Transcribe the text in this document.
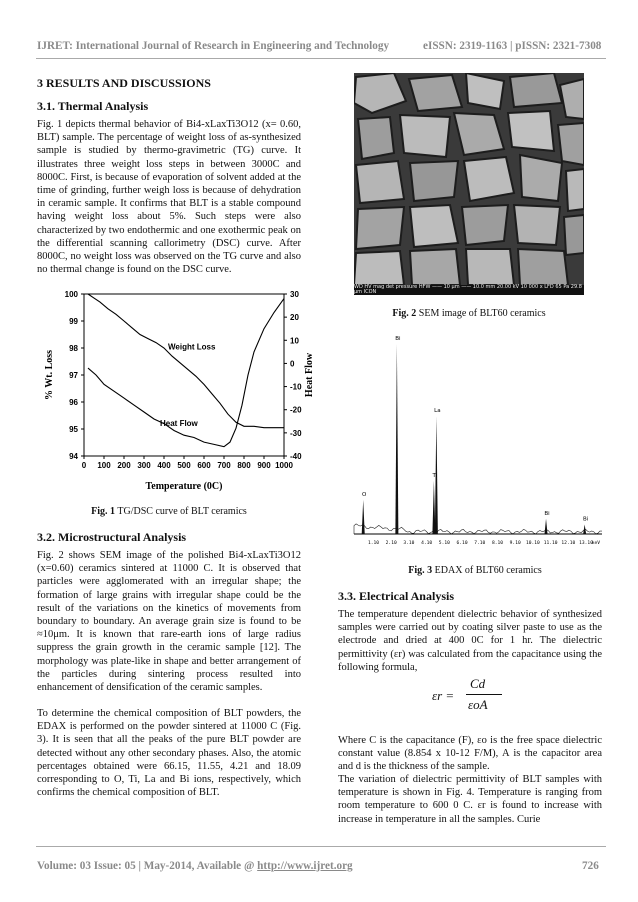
IJRET: International Journal of Research in Engineering and Technology	eISSN: 2319-1163 | pISSN: 2321-7308
3 RESULTS AND DISCUSSIONS
3.1. Thermal Analysis

Fig. 1 depicts thermal behavior of Bi4-xLaxTi3O12 (x= 0.60, BLT) sample. The percentage of weight loss of as-synthesized sample is studied by thermo-gravimetric (TG) curve. It illustrates three weight loss steps in between 3000C and 8000C. First, is because of evaporation of solvent added at the time of grinding, further weigh loss is because of dehydration in ceramic sample. It confirms that BLT is a stable compound having weight loss about 5%. Such steps were also characterized by two endothermic and one exothermic peak on the differential scanning callorimetry (DSC) curve. After 8000C, no weight loss was observed on the TG curve and also no thermal change is found on the DSC curve.

94
95
96
97
98
99
100
-40
-30
-20
-10
0
10
20
30
0 100 200 300 400 500 600 700 800 900 1000
Weight Loss
Heat Flow
% Wt. Loss	Heat Flow
Temperature (0C)
Fig. 1 TG/DSC curve of BLT ceramics
3.2. Microstructural Analysis

Fig. 2 shows SEM image of the polished Bi4-xLaxTi3O12 (x=0.60) ceramics sintered at 11000 C. It is observed that particles were agglomerated with an irregular shape; the formation of large grains with irregular shape could be the result of the variations on the kinetics of movements from boundary to boundary. An average grain size is found to be ≈10μm. It is known that rare-earth ions of large radius suppress the grain growth in the ceramic sample [12]. The morphology was plate-like in shape and better arrangement of the particles during sintering process resulted into enhancement of densification of the ceramic samples.

To determine the chemical composition of BLT powders, the EDAX is performed on the powder sintered at 11000 C (Fig. 3). It is seen that all the peaks of the pure BLT powder are detected without any other secondary phases. Also, the atomic percentages obtained were 66.15, 11.55, 4.21 and 18.09 corresponding to O, Ti, La and Bi ions, respectively, which confirms the chemical composition of BLT.

WD HV mag det pressure HFW —— 10 μm —— 10.0 mm 20.00 kV 10 000 x LFD 65 Pa 29.8 μm ICON
Fig. 2 SEM image of BLT60 ceramics
O
Bi
La
Ti
Bi
Bi
1.10 2.10 3.10 4.10 5.10 6.10 7.10 8.10 9.10 10.10 11.10 12.10 13.10
keV
Fig. 3 EDAX of BLT60 ceramics
3.3. Electrical Analysis

The temperature dependent dielectric behavior of synthesized samples were carried out by coating silver paste to use as the electrode and dried at 400 0C for 1 hr. The dielectric permittivity (εr) was calculated from the capacitance using the following formula,

εr =
Cd
εoA

Where C is the capacitance (F), εo is the free space dielectric constant value (8.854 x 10-12 F/M), A is the capacitor area and d is the thickness of the sample.

The variation of dielectric permittivity of BLT samples with temperature is shown in Fig. 4. Temperature is ranging from room temperature to 600 0 C. εr is found to increase with increase in temperature in all the samples. Curie

Volume: 03 Issue: 05 | May-2014, Available @ http://www.ijret.org	726
